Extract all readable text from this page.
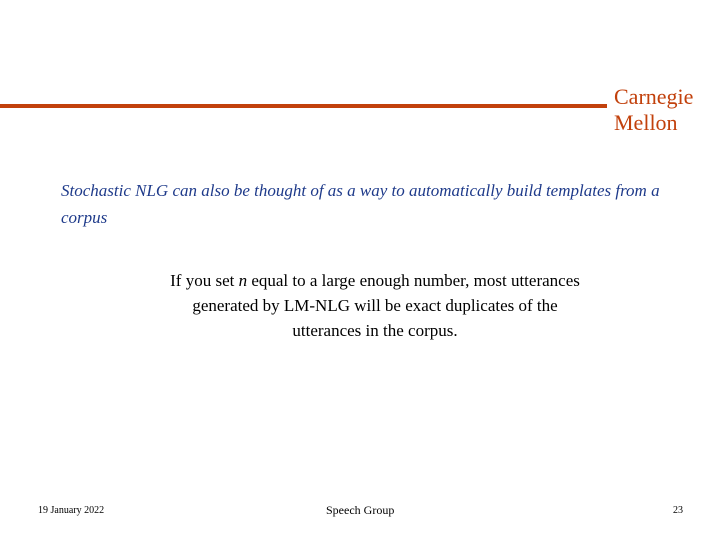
Carnegie
Mellon
Stochastic NLG can also be thought of as a way to automatically build templates from a corpus
If you set n equal to a large enough number, most utterances generated by LM-NLG will be exact duplicates of the utterances in the corpus.
19 January 2022	Speech Group	23
